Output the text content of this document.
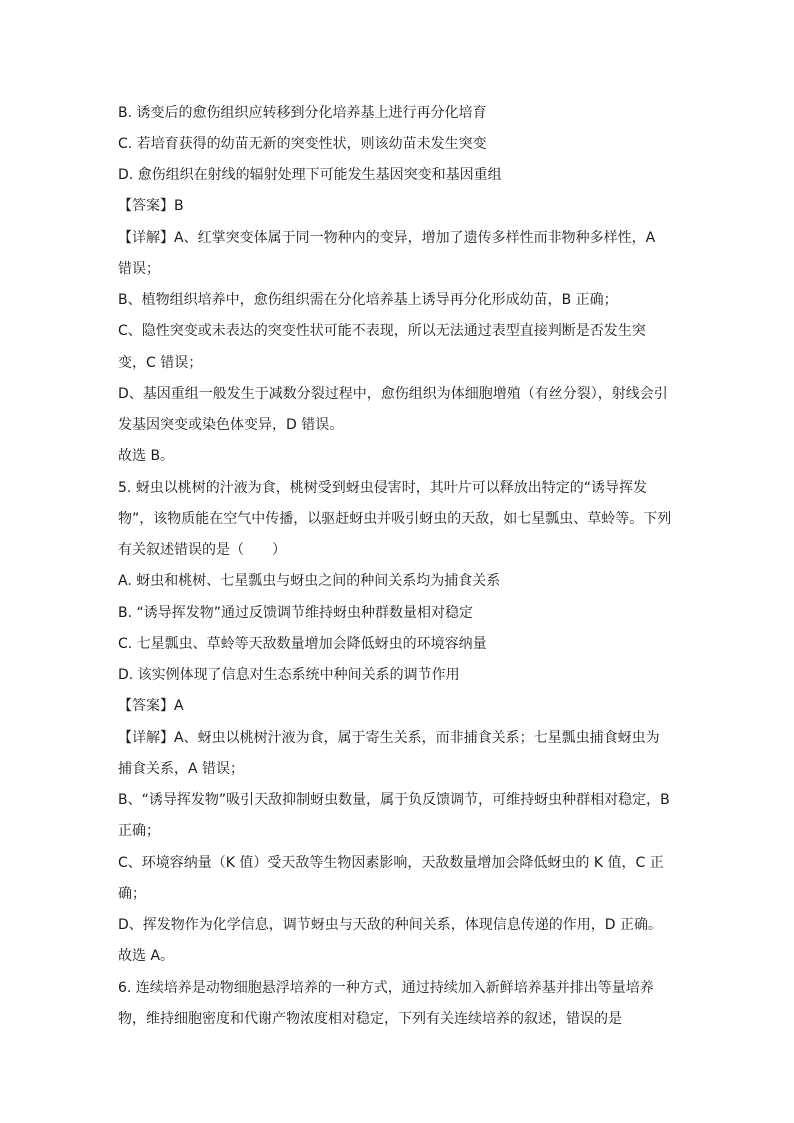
B. 诱变后的愈伤组织应转移到分化培养基上进行再分化培育
C. 若培育获得的幼苗无新的突变性状，则该幼苗未发生突变
D. 愈伤组织在射线的辐射处理下可能发生基因突变和基因重组
【答案】B
【详解】A、红掌突变体属于同一物种内的变异，增加了遗传多样性而非物种多样性，A
错误；
B、植物组织培养中，愈伤组织需在分化培养基上诱导再分化形成幼苗，B 正确；
C、隐性突变或未表达的突变性状可能不表现，所以无法通过表型直接判断是否发生突
变，C 错误；
D、基因重组一般发生于减数分裂过程中，愈伤组织为体细胞增殖（有丝分裂），射线会引
发基因突变或染色体变异，D 错误。
故选 B。
5. 蚜虫以桃树的汁液为食，桃树受到蚜虫侵害时，其叶片可以释放出特定的“诱导挥发
物”，该物质能在空气中传播，以驱赶蚜虫并吸引蚜虫的天敌，如七星瓢虫、草蛉等。下列
有关叙述错误的是（　　）
A. 蚜虫和桃树、七星瓢虫与蚜虫之间的种间关系均为捕食关系
B. “诱导挥发物”通过反馈调节维持蚜虫种群数量相对稳定
C. 七星瓢虫、草蛉等天敌数量增加会降低蚜虫的环境容纳量
D. 该实例体现了信息对生态系统中种间关系的调节作用
【答案】A
【详解】A、蚜虫以桃树汁液为食，属于寄生关系，而非捕食关系；七星瓢虫捕食蚜虫为
捕食关系，A 错误；
B、“诱导挥发物”吸引天敌抑制蚜虫数量，属于负反馈调节，可维持蚜虫种群相对稳定，B
正确；
C、环境容纳量（K 值）受天敌等生物因素影响，天敌数量增加会降低蚜虫的 K 值，C 正
确；
D、挥发物作为化学信息，调节蚜虫与天敌的种间关系，体现信息传递的作用，D 正确。
故选 A。
6. 连续培养是动物细胞悬浮培养的一种方式，通过持续加入新鲜培养基并排出等量培养
物，维持细胞密度和代谢产物浓度相对稳定，下列有关连续培养的叙述，错误的是
